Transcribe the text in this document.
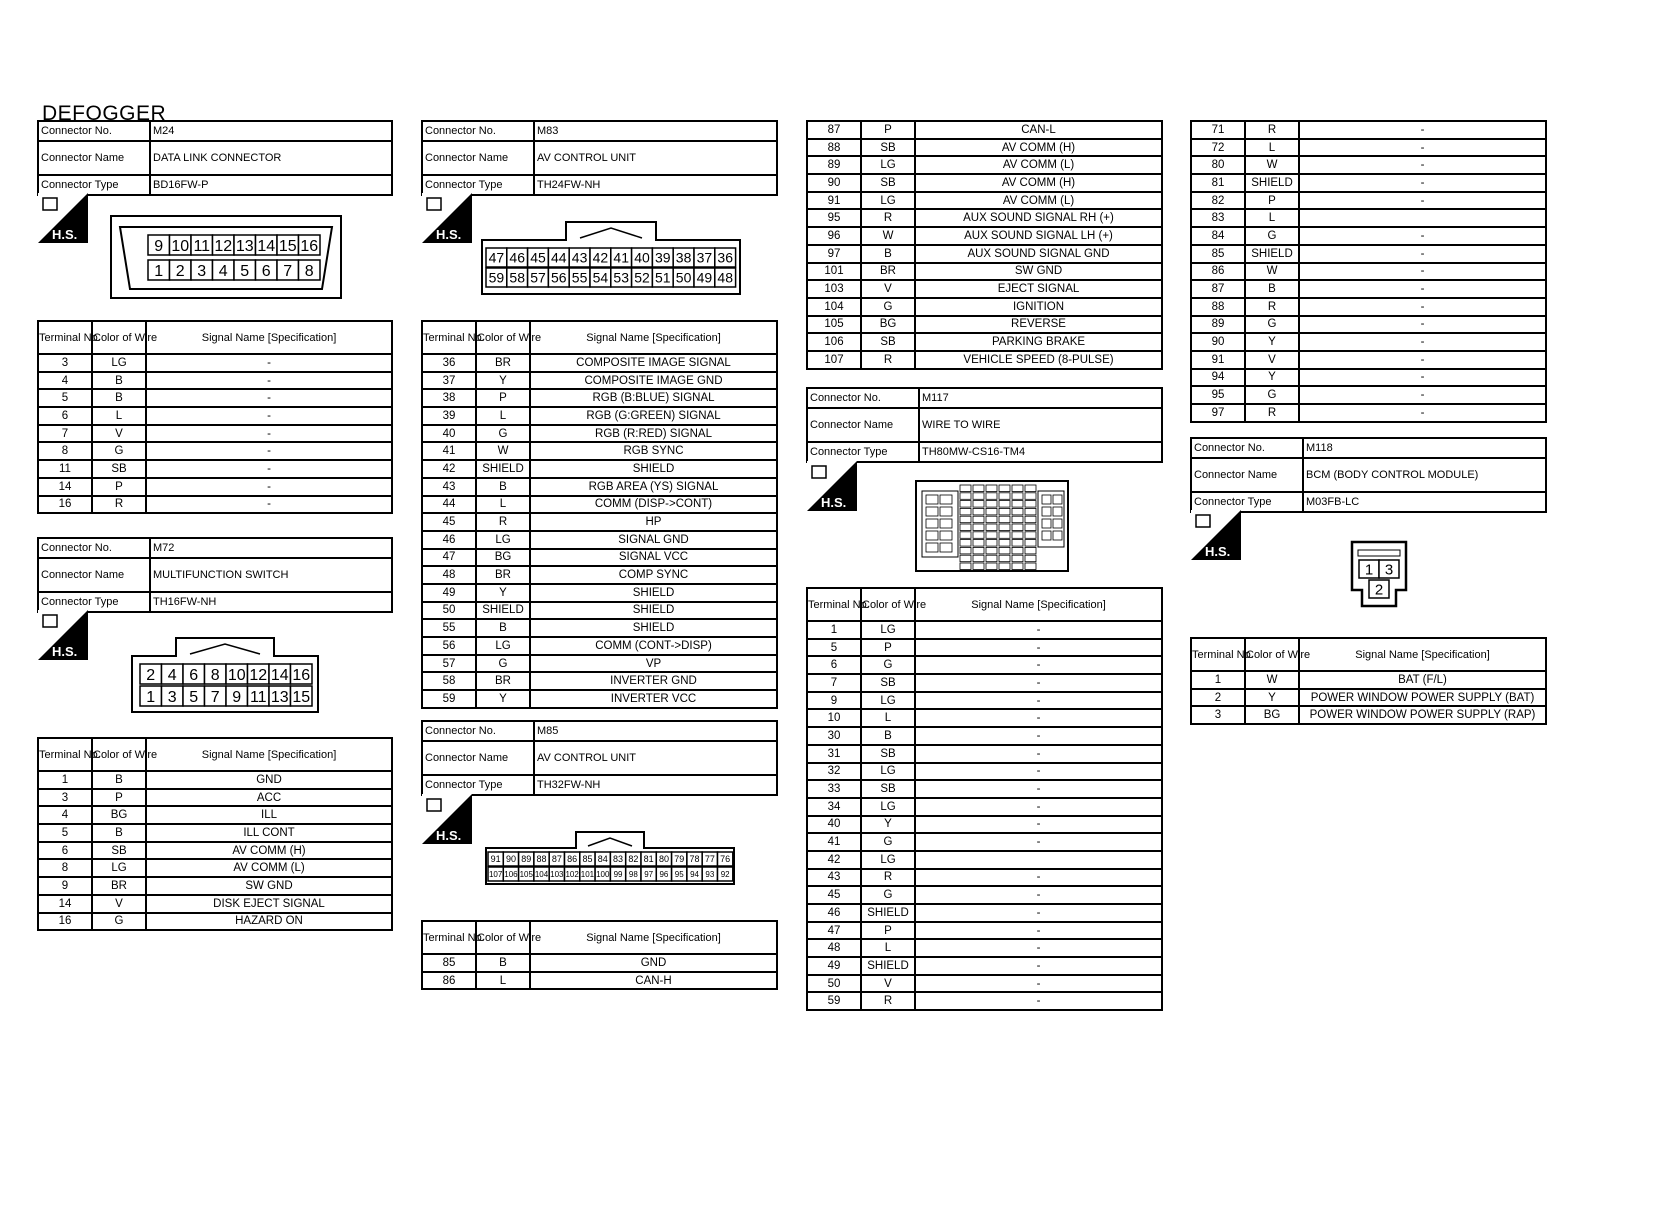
DEFOGGER
Connector No.	M24
Connector Name	DATA LINK CONNECTOR
Connector Type	BD16FW-P
H.S.
9 10 11 12 13 14 15 16
1 2 3 4 5 6 7 8
Terminal No.	Color of Wire	Signal Name [Specification]
3	LG	-
4	B	-
5	B	-
6	L	-
7	V	-
8	G	-
11	SB	-
14	P	-
16	R	-
Connector No.	M72
Connector Name	MULTIFUNCTION SWITCH
Connector Type	TH16FW-NH
H.S.
2 4 6 8 10 12 14 16
1 3 5 7 9 11 13 15
Terminal No.	Color of Wire	Signal Name [Specification]
1	B	GND
3	P	ACC
4	BG	ILL
5	B	ILL CONT
6	SB	AV COMM (H)
8	LG	AV COMM (L)
9	BR	SW GND
14	V	DISK EJECT SIGNAL
16	G	HAZARD ON
Connector No.	M83
Connector Name	AV CONTROL UNIT
Connector Type	TH24FW-NH
H.S.
47 46 45 44 43 42 41 40 39 38 37 36
59 58 57 56 55 54 53 52 51 50 49 48
Terminal No.	Color of Wire	Signal Name [Specification]
36	BR	COMPOSITE IMAGE SIGNAL
37	Y	COMPOSITE IMAGE GND
38	P	RGB (B:BLUE) SIGNAL
39	L	RGB (G:GREEN) SIGNAL
40	G	RGB (R:RED) SIGNAL
41	W	RGB SYNC
42	SHIELD	SHIELD
43	B	RGB AREA (YS) SIGNAL
44	L	COMM (DISP->CONT)
45	R	HP
46	LG	SIGNAL GND
47	BG	SIGNAL VCC
48	BR	COMP SYNC
49	Y	SHIELD
50	SHIELD	SHIELD
55	B	SHIELD
56	LG	COMM (CONT->DISP)
57	G	VP
58	BR	INVERTER GND
59	Y	INVERTER VCC
Connector No.	M85
Connector Name	AV CONTROL UNIT
Connector Type	TH32FW-NH
H.S.
91 90 89 88 87 86 85 84 83 82 81 80 79 78 77 76
107 106 105 104 103 102 101 100 99 98 97 96 95 94 93 92
Terminal No.	Color of Wire	Signal Name [Specification]
85	B	GND
86	L	CAN-H
87	P	CAN-L
88	SB	AV COMM (H)
89	LG	AV COMM (L)
90	SB	AV COMM (H)
91	LG	AV COMM (L)
95	R	AUX SOUND SIGNAL RH (+)
96	W	AUX SOUND SIGNAL LH (+)
97	B	AUX SOUND SIGNAL GND
101	BR	SW GND
103	V	EJECT SIGNAL
104	G	IGNITION
105	BG	REVERSE
106	SB	PARKING BRAKE
107	R	VEHICLE SPEED (8-PULSE)
Connector No.	M117
Connector Name	WIRE TO WIRE
Connector Type	TH80MW-CS16-TM4
H.S.
Terminal No.	Color of Wire	Signal Name [Specification]
1	LG	-
5	P	-
6	G	-
7	SB	-
9	LG	-
10	L	-
30	B	-
31	SB	-
32	LG	-
33	SB	-
34	LG	-
40	Y	-
41	G	-
42	LG	
43	R	-
45	G	-
46	SHIELD	-
47	P	-
48	L	-
49	SHIELD	-
50	V	-
59	R	-
71	R	-
72	L	-
80	W	-
81	SHIELD	-
82	P	-
83	L	
84	G	-
85	SHIELD	-
86	W	-
87	B	-
88	R	-
89	G	-
90	Y	-
91	V	-
94	Y	-
95	G	-
97	R	-
Connector No.	M118
Connector Name	BCM (BODY CONTROL MODULE)
Connector Type	M03FB-LC
H.S.
1 3
2
Terminal No.	Color of Wire	Signal Name [Specification]
1	W	BAT (F/L)
2	Y	POWER WINDOW POWER SUPPLY (BAT)
3	BG	POWER WINDOW POWER SUPPLY (RAP)
